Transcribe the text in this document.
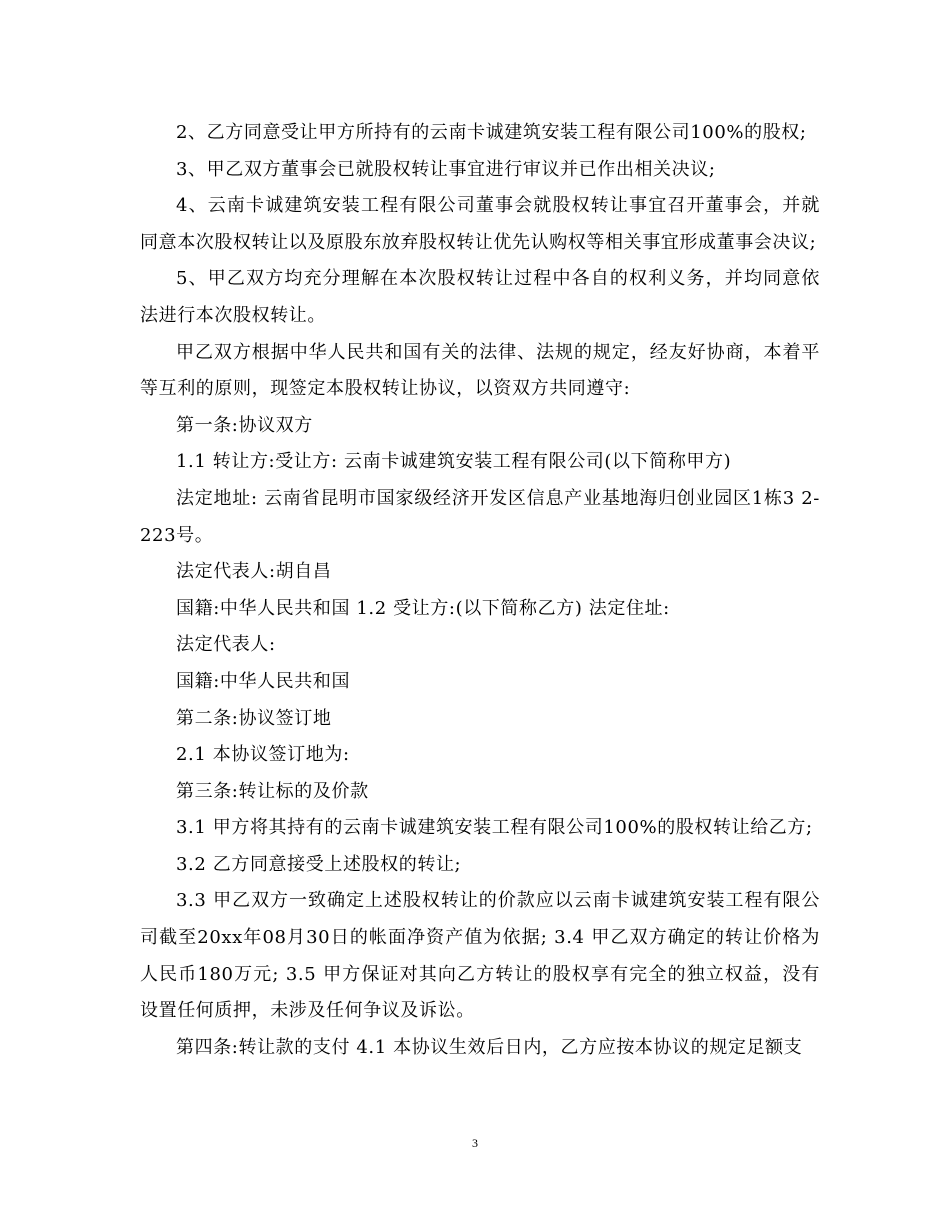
2、乙方同意受让甲方所持有的云南卡诚建筑安装工程有限公司100%的股权;

3、甲乙双方董事会已就股权转让事宜进行审议并已作出相关决议;

4、云南卡诚建筑安装工程有限公司董事会就股权转让事宜召开董事会，并就同意本次股权转让以及原股东放弃股权转让优先认购权等相关事宜形成董事会决议;

5、甲乙双方均充分理解在本次股权转让过程中各自的权利义务，并均同意依法进行本次股权转让。

甲乙双方根据中华人民共和国有关的法律、法规的规定，经友好协商，本着平等互利的原则，现签定本股权转让协议，以资双方共同遵守:

第一条:协议双方

1.1 转让方:受让方: 云南卡诚建筑安装工程有限公司(以下简称甲方)

法定地址: 云南省昆明市国家级经济开发区信息产业基地海归创业园区1栋3 2-223号。

法定代表人:胡自昌

国籍:中华人民共和国 1.2 受让方:(以下简称乙方) 法定住址:

法定代表人:

国籍:中华人民共和国

第二条:协议签订地

2.1 本协议签订地为:

第三条:转让标的及价款

3.1 甲方将其持有的云南卡诚建筑安装工程有限公司100%的股权转让给乙方;

3.2 乙方同意接受上述股权的转让;

3.3 甲乙双方一致确定上述股权转让的价款应以云南卡诚建筑安装工程有限公司截至20xx年08月30日的帐面净资产值为依据; 3.4 甲乙双方确定的转让价格为人民币180万元; 3.5 甲方保证对其向乙方转让的股权享有完全的独立权益，没有设置任何质押，未涉及任何争议及诉讼。

第四条:转让款的支付 4.1 本协议生效后日内，乙方应按本协议的规定足额支

3
